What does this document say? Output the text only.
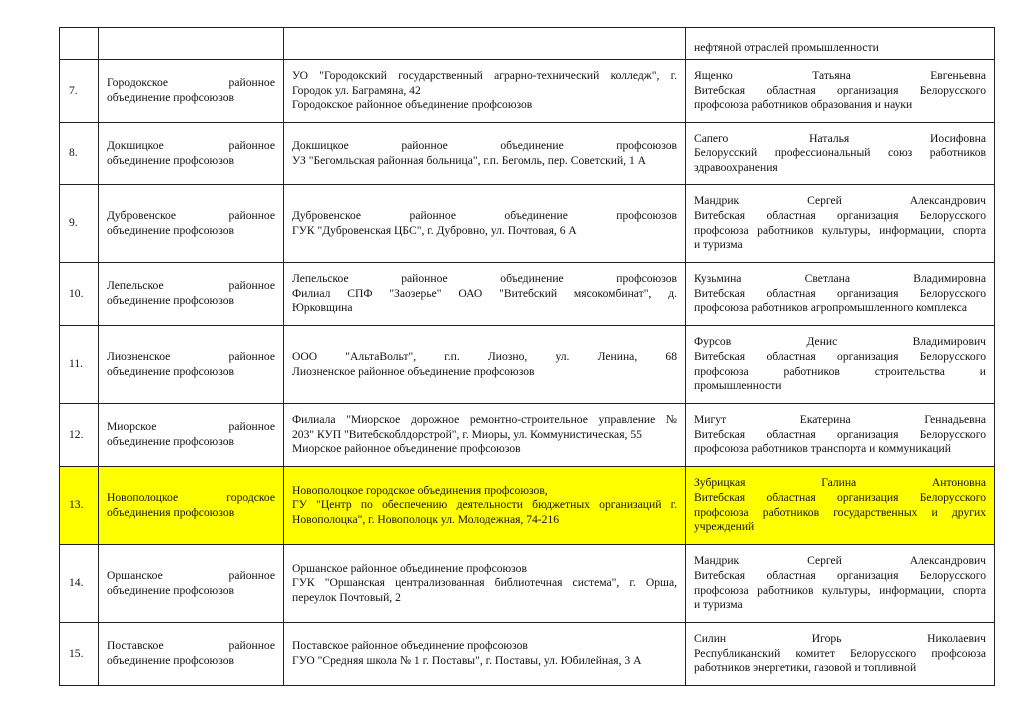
			нефтяной отраслей промышленности

7.	Городокское районное
объединение профсоюзов	УО "Городокский государственный аграрно-технический колледж", г.
Городок ул. Баграмяна, 42
Городокское районное объединение профсоюзов	Ященко Татьяна Евгеньевна
Витебская областная организация Белорусского
профсоюза работников образования и науки

8.	Докшицкое районное
объединение профсоюзов	Докшицкое районное объединение профсоюзов
УЗ "Бегомльская районная больница", г.п. Бегомль, пер. Советский, 1 А	Сапего Наталья Иосифовна
Белорусский профессиональный союз работников
здравоохранения

9.	Дубровенское районное
объединение профсоюзов	Дубровенское районное объединение профсоюзов
ГУК "Дубровенская ЦБС", г. Дубровно, ул. Почтовая, 6 А	Мандрик Сергей Александрович
Витебская областная организация Белорусского
профсоюза работников культуры, информации, спорта
и туризма

10.	Лепельское районное
объединение профсоюзов	Лепельское районное объединение профсоюзов
Филиал СПФ "Заозерье" ОАО "Витебский мясокомбинат", д.
Юрковщина	Кузьмина Светлана Владимировна
Витебская областная организация Белорусского
профсоюза работников агропромышленного комплекса

11.	Лиозненское районное
объединение профсоюзов	ООО "АльтаВольт", г.п. Лиозно, ул. Ленина, 68
Лиозненское районное объединение профсоюзов	Фурсов Денис Владимирович
Витебская областная организация Белорусского
профсоюза работников строительства и
промышленности

12.	Миорское районное
объединение профсоюзов	Филиала "Миорское дорожное ремонтно-строительное управление №
203" КУП "Витебскоблдорстрой", г. Миоры, ул. Коммунистическая, 55
Миорское районное объединение профсоюзов	Мигут Екатерина Геннадьевна
Витебская областная организация Белорусского
профсоюза работников транспорта и коммуникаций

13.	Новополоцкое городское
объединения профсоюзов	Новополоцкое городское объединения профсоюзов,
ГУ "Центр по обеспечению деятельности бюджетных организаций г.
Новополоцка", г. Новополоцк ул. Молодежная, 74-216	Зубрицкая Галина Антоновна
Витебская областная организация Белорусского
профсоюза работников государственных и других
учреждений

14.	Оршанское районное
объединение профсоюзов	Оршанское районное объединение профсоюзов
ГУК "Оршанская централизованная библиотечная система", г. Орша,
переулок Почтовый, 2	Мандрик Сергей Александрович
Витебская областная организация Белорусского
профсоюза работников культуры, информации, спорта
и туризма

15.	Поставское районное
объединение профсоюзов	Поставское районное объединение профсоюзов
ГУО "Средняя школа № 1 г. Поставы", г. Поставы, ул. Юбилейная, 3 А	Силин Игорь Николаевич
Республиканский комитет Белорусского профсоюза
работников энергетики, газовой и топливной
